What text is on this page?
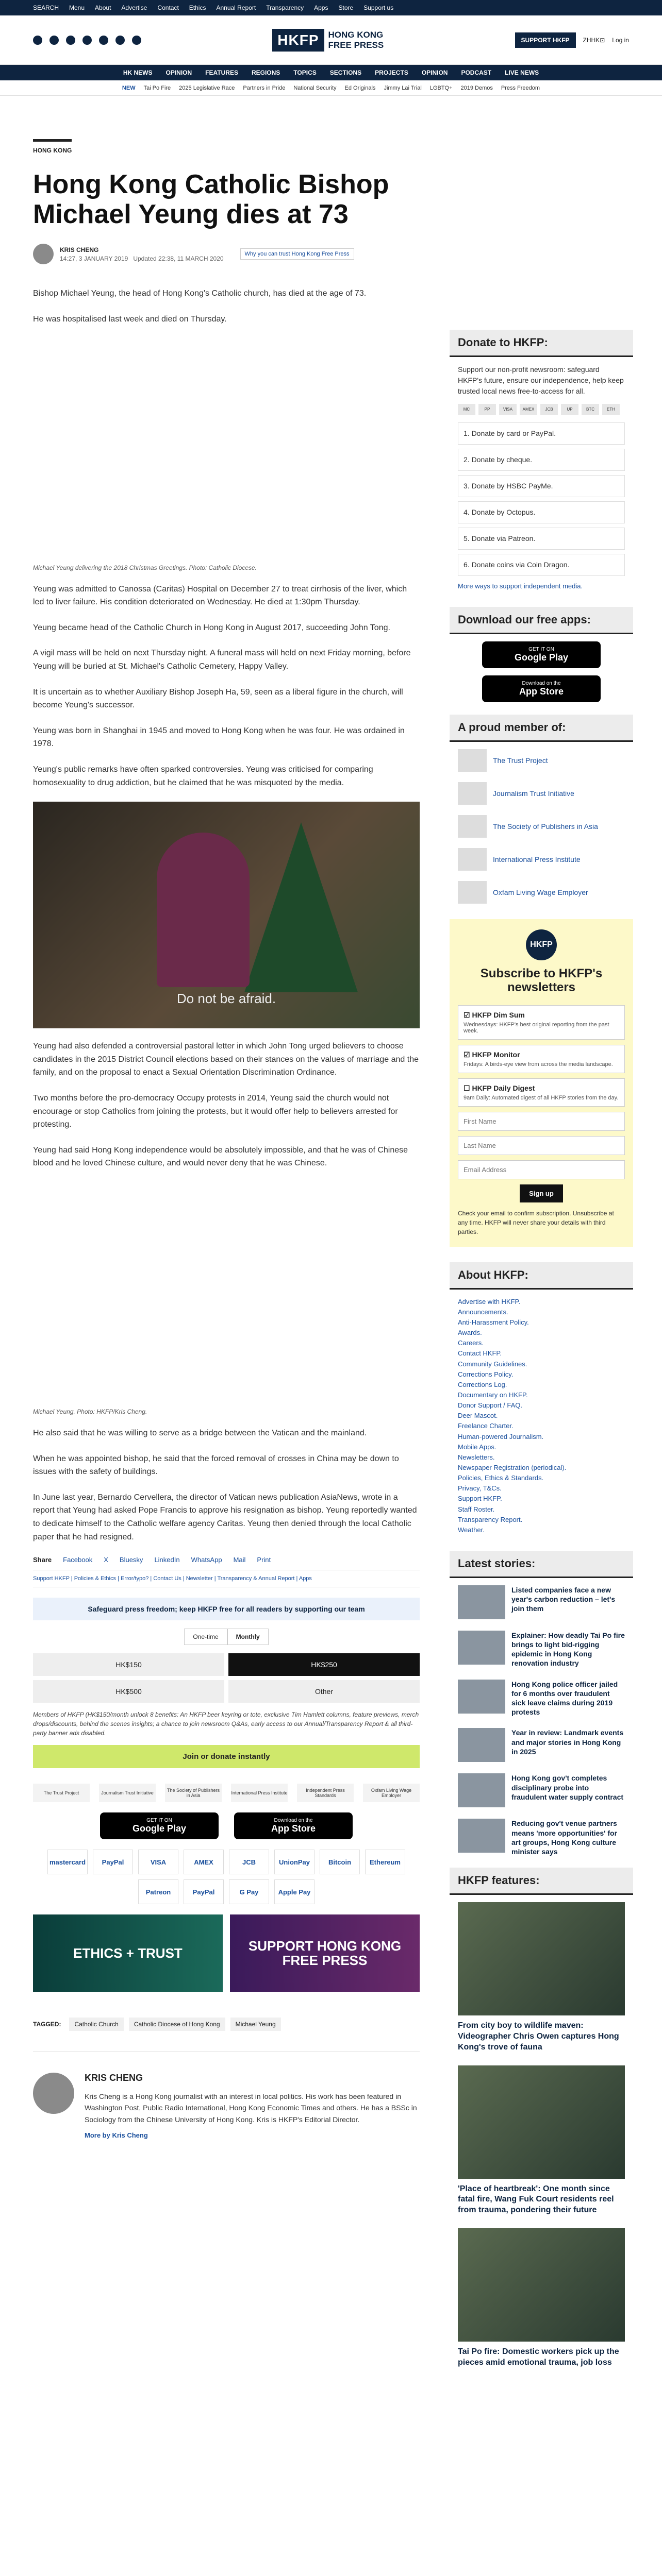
SEARCH Menu About Advertise Contact Ethics Annual Report Transparency Apps Store Support us
HKFP	HONG KONG
FREE PRESS	SUPPORT HKFP	ZHHK⊡ Log in
HK NEWS OPINION FEATURES REGIONS TOPICS SECTIONS PROJECTS OPINION PODCAST LIVE NEWS
NEW Tai Po Fire 2025 Legislative Race Partners in Pride National Security Ed Originals Jimmy Lai Trial LGBTQ+ 2019 Demos Press Freedom
HONG KONG
Hong Kong Catholic Bishop Michael Yeung dies at 73
KRIS CHENG
14:27, 3 JANUARY 2019 Updated 22:38, 11 MARCH 2020
Why you can trust Hong Kong Free Press

Bishop Michael Yeung, the head of Hong Kong's Catholic church, has died at the age of 73.

He was hospitalised last week and died on Thursday.

Michael Yeung delivering the 2018 Christmas Greetings. Photo: Catholic Diocese.

Yeung was admitted to Canossa (Caritas) Hospital on December 27 to treat cirrhosis of the liver, which led to liver failure. His condition deteriorated on Wednesday. He died at 1:30pm Thursday.

Yeung became head of the Catholic Church in Hong Kong in August 2017, succeeding John Tong.

A vigil mass will be held on next Thursday night. A funeral mass will held on next Friday morning, before Yeung will be buried at St. Michael's Catholic Cemetery, Happy Valley.

It is uncertain as to whether Auxiliary Bishop Joseph Ha, 59, seen as a liberal figure in the church, will become Yeung's successor.

Yeung was born in Shanghai in 1945 and moved to Hong Kong when he was four. He was ordained in 1978.

Yeung's public remarks have often sparked controversies. Yeung was criticised for comparing homosexuality to drug addiction, but he claimed that he was misquoted by the media.

Do not be afraid.

Yeung had also defended a controversial pastoral letter in which John Tong urged believers to choose candidates in the 2015 District Council elections based on their stances on the values of marriage and the family, and on the proposal to enact a Sexual Orientation Discrimination Ordinance.

Two months before the pro-democracy Occupy protests in 2014, Yeung said the church would not encourage or stop Catholics from joining the protests, but it would offer help to believers arrested for protesting.

Yeung had said Hong Kong independence would be absolutely impossible, and that he was of Chinese blood and he loved Chinese culture, and would never deny that he was Chinese.

Michael Yeung. Photo: HKFP/Kris Cheng.

He also said that he was willing to serve as a bridge between the Vatican and the mainland.

When he was appointed bishop, he said that the forced removal of crosses in China may be down to issues with the safety of buildings.

In June last year, Bernardo Cervellera, the director of Vatican news publication AsiaNews, wrote in a report that Yeung had asked Pope Francis to approve his resignation as bishop. Yeung reportedly wanted to dedicate himself to the Catholic welfare agency Caritas. Yeung then denied through the local Catholic paper that he had resigned.

Share Facebook X Bluesky LinkedIn WhatsApp Mail Print
Support HKFP | Policies & Ethics | Error/typo? | Contact Us | Newsletter | Transparency & Annual Report | Apps
Safeguard press freedom; keep HKFP free for all readers by supporting our team
One-time	Monthly
HK$150	HK$250
HK$500	Other
Members of HKFP (HK$150/month unlock 8 benefits: An HKFP beer keyring or tote, exclusive Tim Hamlett columns, feature previews, merch drops/discounts, behind the scenes insights; a chance to join newsroom Q&As, early access to our Annual/Transparency Report & all third-party banner ads disabled.
Join or donate instantly
The Trust Project	Journalism Trust Initiative	The Society of Publishers in Asia	International Press Institute	Independent Press Standards
Oxfam Living Wage Employer
GET IT ON
Google Play
Download on the
App Store
mastercard	PayPal	VISA	AMEX	JCB	UnionPay	Bitcoin	Ethereum
Patreon	PayPal	G Pay	Apple Pay
ETHICS + TRUST	SUPPORT HONG KONG FREE PRESS
TAGGED:	Catholic Church	Catholic Diocese of Hong Kong	Michael Yeung
KRIS CHENG

Kris Cheng is a Hong Kong journalist with an interest in local politics. His work has been featured in Washington Post, Public Radio International, Hong Kong Economic Times and others. He has a BSSc in Sociology from the Chinese University of Hong Kong. Kris is HKFP's Editorial Director.

More by Kris Cheng
Donate to HKFP:

Support our non-profit newsroom: safeguard HKFP's future, ensure our independence, help keep trusted local news free-to-access for all.

MC	PP	VISA	AMEX	JCB	UP	BTC	ETH
1. Donate by card or PayPal.
2. Donate by cheque.
3. Donate by HSBC PayMe.
4. Donate by Octopus.
5. Donate via Patreon.
6. Donate coins via Coin Dragon.

More ways to support independent media.

Download our free apps:
GET IT ON
Google Play
Download on the
App Store
A proud member of:
The Trust Project
Journalism Trust Initiative
The Society of Publishers in Asia
International Press Institute
Oxfam Living Wage Employer
HKFP
Subscribe to HKFP's newsletters
☑ HKFP Dim Sum
Wednesdays: HKFP's best original reporting from the past week.
☑ HKFP Monitor
Fridays: A birds-eye view from across the media landscape.
☐ HKFP Daily Digest
9am Daily: Automated digest of all HKFP stories from the day.
First Name
Last Name
Email Address Sign up

Check your email to confirm subscription. Unsubscribe at any time. HKFP will never share your details with third parties.

About HKFP:
Advertise with HKFP.
Announcements.
Anti-Harassment Policy.
Awards.
Careers.
Contact HKFP.
Community Guidelines.
Corrections Policy.
Corrections Log.
Documentary on HKFP.
Donor Support / FAQ.
Deer Mascot.
Freelance Charter.
Human-powered Journalism.
Mobile Apps.
Newsletters.
Newspaper Registration (periodical).
Policies, Ethics & Standards.
Privacy, T&Cs.
Support HKFP.
Staff Roster.
Transparency Report.
Weather.
Latest stories:
Listed companies face a new year's carbon reduction – let's join them
Explainer: How deadly Tai Po fire brings to light bid-rigging epidemic in Hong Kong renovation industry
Hong Kong police officer jailed for 6 months over fraudulent sick leave claims during 2019 protests
Year in review: Landmark events and major stories in Hong Kong in 2025
Hong Kong gov't completes disciplinary probe into fraudulent water supply contract
Reducing gov't venue partners means 'more opportunities' for art groups, Hong Kong culture minister says
HKFP features:
From city boy to wildlife maven: Videographer Chris Owen captures Hong Kong's trove of fauna
'Place of heartbreak': One month since fatal fire, Wang Fuk Court residents reel from trauma, pondering their future
Tai Po fire: Domestic workers pick up the pieces amid emotional trauma, job loss
